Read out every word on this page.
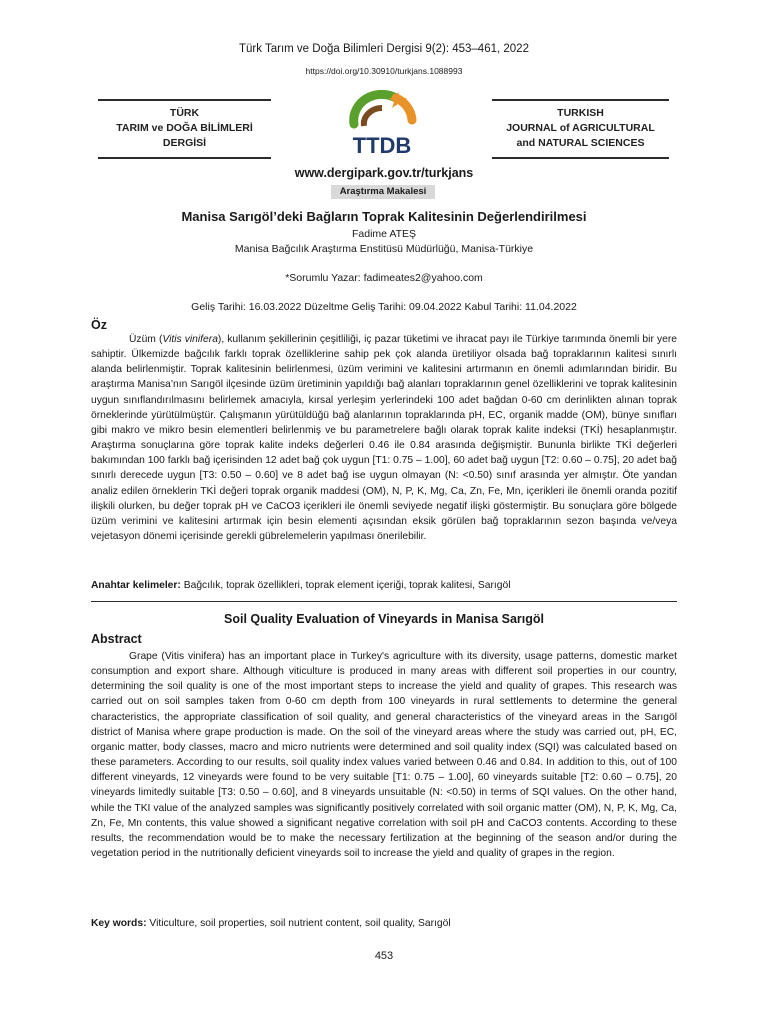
Türk Tarım ve Doğa Bilimleri Dergisi 9(2): 453–461, 2022
https://doi.org/10.30910/turkjans.1088993
TÜRK
TARIM ve DOĞA BİLİMLERİ
DERGİSİ
TURKISH
JOURNAL of AGRICULTURAL
and NATURAL SCIENCES
TTDB
www.dergipark.gov.tr/turkjans
Araştırma Makalesi
Manisa Sarıgöl’deki Bağların Toprak Kalitesinin Değerlendirilmesi
Fadime ATEŞ
Manisa Bağcılık Araştırma Enstitüsü Müdürlüğü, Manisa-Türkiye
*Sorumlu Yazar: fadimeates2@yahoo.com
Geliş Tarihi: 16.03.2022 Düzeltme Geliş Tarihi: 09.04.2022 Kabul Tarihi: 11.04.2022
Öz

Üzüm (Vitis vinifera), kullanım şekillerinin çeşitliliği, iç pazar tüketimi ve ihracat payı ile Türkiye tarımında önemli bir yere sahiptir. Ülkemizde bağcılık farklı toprak özelliklerine sahip pek çok alanda üretiliyor olsada bağ topraklarının kalitesi sınırlı alanda belirlenmiştir. Toprak kalitesinin belirlenmesi, üzüm verimini ve kalitesini artırmanın en önemli adımlarından biridir. Bu araştırma Manisa’nın Sarıgöl ilçesinde üzüm üretiminin yapıldığı bağ alanları topraklarının genel özelliklerini ve toprak kalitesinin uygun sınıflandırılmasını belirlemek amacıyla, kırsal yerleşim yerlerindeki 100 adet bağdan 0-60 cm derinlikten alınan toprak örneklerinde yürütülmüştür. Çalışmanın yürütüldüğü bağ alanlarının topraklarında pH, EC, organik madde (OM), bünye sınıfları gibi makro ve mikro besin elementleri belirlenmiş ve bu parametrelere bağlı olarak toprak kalite indeksi (TKİ) hesaplanmıştır. Araştırma sonuçlarına göre toprak kalite indeks değerleri 0.46 ile 0.84 arasında değişmiştir. Bununla birlikte TKİ değerleri bakımından 100 farklı bağ içerisinden 12 adet bağ çok uygun [T1: 0.75 – 1.00], 60 adet bağ uygun [T2: 0.60 – 0.75], 20 adet bağ sınırlı derecede uygun [T3: 0.50 – 0.60] ve 8 adet bağ ise uygun olmayan (N: <0.50) sınıf arasında yer almıştır. Öte yandan analiz edilen örneklerin TKİ değeri toprak organik maddesi (OM), N, P, K, Mg, Ca, Zn, Fe, Mn, içerikleri ile önemli oranda pozitif ilişkili olurken, bu değer toprak pH ve CaCO3 içerikleri ile önemli seviyede negatif ilişki göstermiştir. Bu sonuçlara göre bölgede üzüm verimini ve kalitesini artırmak için besin elementi açısından eksik görülen bağ topraklarının sezon başında ve/veya vejetasyon dönemi içerisinde gerekli gübrelemelerin yapılması önerilebilir.

Anahtar kelimeler: Bağcılık, toprak özellikleri, toprak element içeriği, toprak kalitesi, Sarıgöl
Soil Quality Evaluation of Vineyards in Manisa Sarıgöl
Abstract

Grape (Vitis vinifera) has an important place in Turkey's agriculture with its diversity, usage patterns, domestic market consumption and export share. Although viticulture is produced in many areas with different soil properties in our country, determining the soil quality is one of the most important steps to increase the yield and quality of grapes. This research was carried out on soil samples taken from 0-60 cm depth from 100 vineyards in rural settlements to determine the general characteristics, the appropriate classification of soil quality, and general characteristics of the vineyard areas in the Sarıgöl district of Manisa where grape production is made. On the soil of the vineyard areas where the study was carried out, pH, EC, organic matter, body classes, macro and micro nutrients were determined and soil quality index (SQI) was calculated based on these parameters. According to our results, soil quality index values varied between 0.46 and 0.84. In addition to this, out of 100 different vineyards, 12 vineyards were found to be very suitable [T1: 0.75 – 1.00], 60 vineyards suitable [T2: 0.60 – 0.75], 20 vineyards limitedly suitable [T3: 0.50 – 0.60], and 8 vineyards unsuitable (N: <0.50) in terms of SQI values. On the other hand, while the TKI value of the analyzed samples was significantly positively correlated with soil organic matter (OM), N, P, K, Mg, Ca, Zn, Fe, Mn contents, this value showed a significant negative correlation with soil pH and CaCO3 contents. According to these results, the recommendation would be to make the necessary fertilization at the beginning of the season and/or during the vegetation period in the nutritionally deficient vineyards soil to increase the yield and quality of grapes in the region.

Key words: Viticulture, soil properties, soil nutrient content, soil quality, Sarıgöl
453
